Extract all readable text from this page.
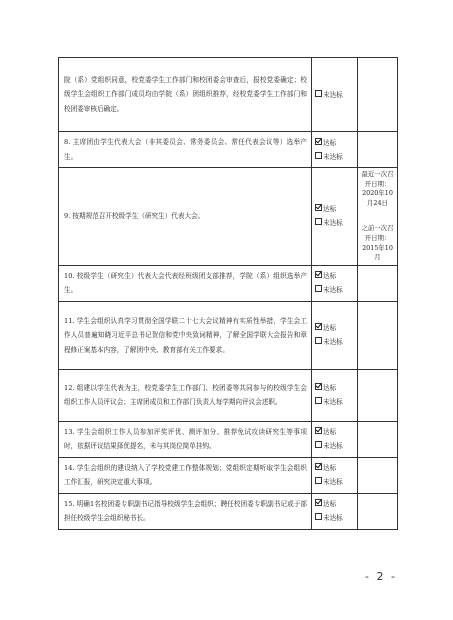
院（系）党组织同意，校党委学生工作部门和校团委会审查后，报校党委确定；校级学生会组织工作部门成员均由学院（系）团组织推荐，经校党委学生工作部门和校团委审核后确定。	未达标	

8. 主席团由学生代表大会（非其委员会、常务委员会、常任代表会议等）选举产生。	达标
未达标	

9. 按期规范召开校级学生（研究生）代表大会。	达标
未达标	最近一次召开日期：2020年10月24日
之前一次召开日期：2015年10月

10. 校级学生（研究生）代表大会代表经班级团支部推荐，学院（系）组织选举产生。	达标
未达标	

11. 学生会组织认真学习贯彻全国学联二十七大会议精神有实质性举措，学生会工作人员普遍知晓习近平总书记贺信和党中央致词精神，了解全国学联大会报告和章程修正案基本内容，了解团中央、教育部有关工作要求。	达标
未达标	

12. 组建以学生代表为主，校党委学生工作部门、校团委等共同参与的校级学生会组织工作人员评议会；主席团成员和工作部门负责人每学期向评议会述职。	达标
未达标	

13. 学生会组织工作人员参加评奖评优、测评加分、推荐免试攻读研究生等事项时，依据评议结果择优提名，未与其岗位简单挂钩。	达标
未达标	

14. 学生会组织的建设纳入了学校党建工作整体规划；党组织定期听取学生会组织工作汇报，研究决定重大事项。	达标
未达标	

15. 明确1名校团委专职副书记指导校级学生会组织；聘任校团委专职副书记或于部担任校级学生会组织秘书长。	达标
未达标	

- 2 -
